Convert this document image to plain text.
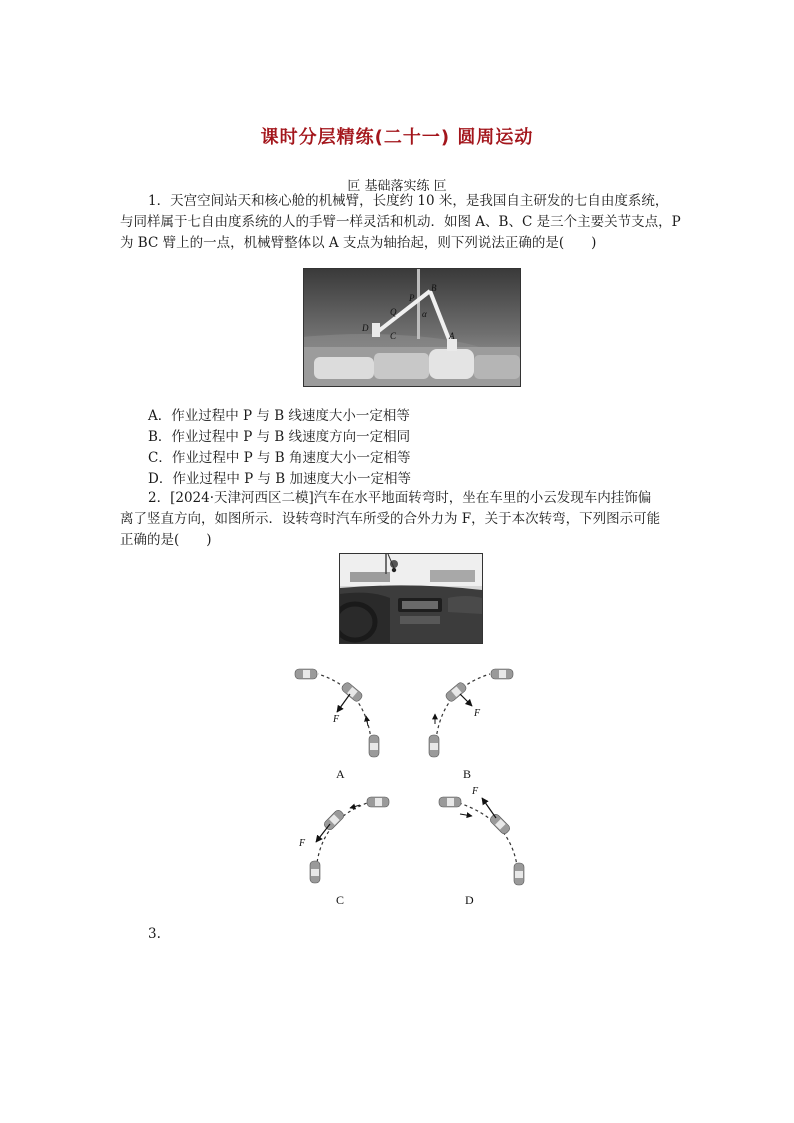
课时分层精练(二十一) 圆周运动
叵 基础落实练 叵
1．天宫空间站天和核心舱的机械臂，长度约 10 米，是我国自主研发的七自由度系统，
与同样属于七自由度系统的人的手臂一样灵活和机动．如图 A、B、C 是三个主要关节支点，P
为 BC 臂上的一点，机械臂整体以 A 支点为轴抬起，则下列说法正确的是(　　)
B
P
Q
D
C
α
A
A．作业过程中 P 与 B 线速度大小一定相等
B．作业过程中 P 与 B 线速度方向一定相同
C．作业过程中 P 与 B 角速度大小一定相等
D．作业过程中 P 与 B 加速度大小一定相等
2．[2024·天津河西区二模]汽车在水平地面转弯时，坐在车里的小云发现车内挂饰偏
离了竖直方向，如图所示．设转弯时汽车所受的合外力为 F，关于本次转弯，下列图示可能
正确的是(　　)
F
A
F
B
F
C
F
D
3.
